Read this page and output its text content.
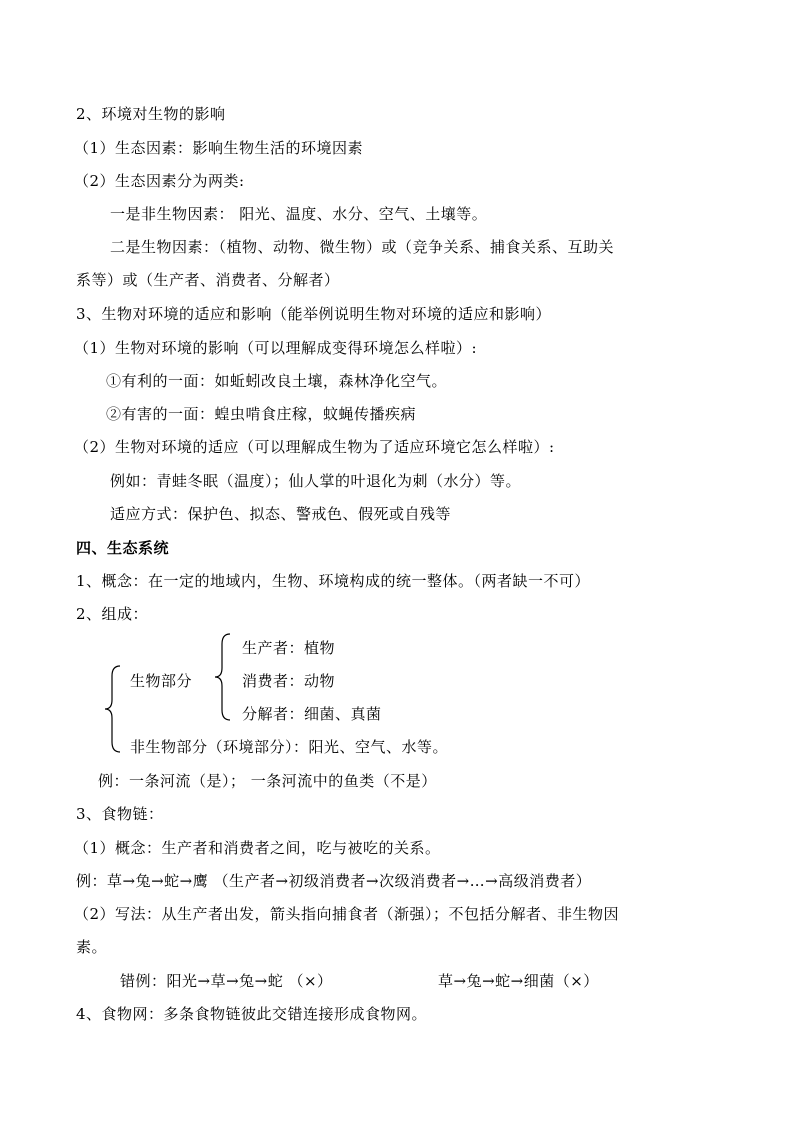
2、环境对生物的影响
（1）生态因素：影响生物生活的环境因素
（2）生态因素分为两类:
一是非生物因素： 阳光、温度、水分、空气、土壤等。
二是生物因素：（植物、动物、微生物）或（竞争关系、捕食关系、互助关
系等）或（生产者、消费者、分解者）
3、生物对环境的适应和影响（能举例说明生物对环境的适应和影响）
（1）生物对环境的影响（可以理解成变得环境怎么样啦）:
①有利的一面：如蚯蚓改良土壤，森林净化空气。
②有害的一面：蝗虫啃食庄稼，蚊蝇传播疾病
（2）生物对环境的适应（可以理解成生物为了适应环境它怎么样啦）:
例如：青蛙冬眠（温度）；仙人掌的叶退化为刺（水分）等。
适应方式：保护色、拟态、警戒色、假死或自残等
四、生态系统
1、概念：在一定的地域内，生物、环境构成的统一整体。（两者缺一不可）
2、组成：
生产者：植物
生物部分	消费者：动物
分解者：细菌、真菌
非生物部分（环境部分）：阳光、空气、水等。
例：一条河流（是）； 一条河流中的鱼类（不是）
3、食物链：
（1）概念：生产者和消费者之间，吃与被吃的关系。
例：草→兔→蛇→鹰 （生产者→初级消费者→次级消费者→…→高级消费者）
（2）写法：从生产者出发，箭头指向捕食者（渐强）；不包括分解者、非生物因
素。
错例：阳光→草→兔→蛇 （×）	草→兔→蛇→细菌（×）
4、食物网：多条食物链彼此交错连接形成食物网。
